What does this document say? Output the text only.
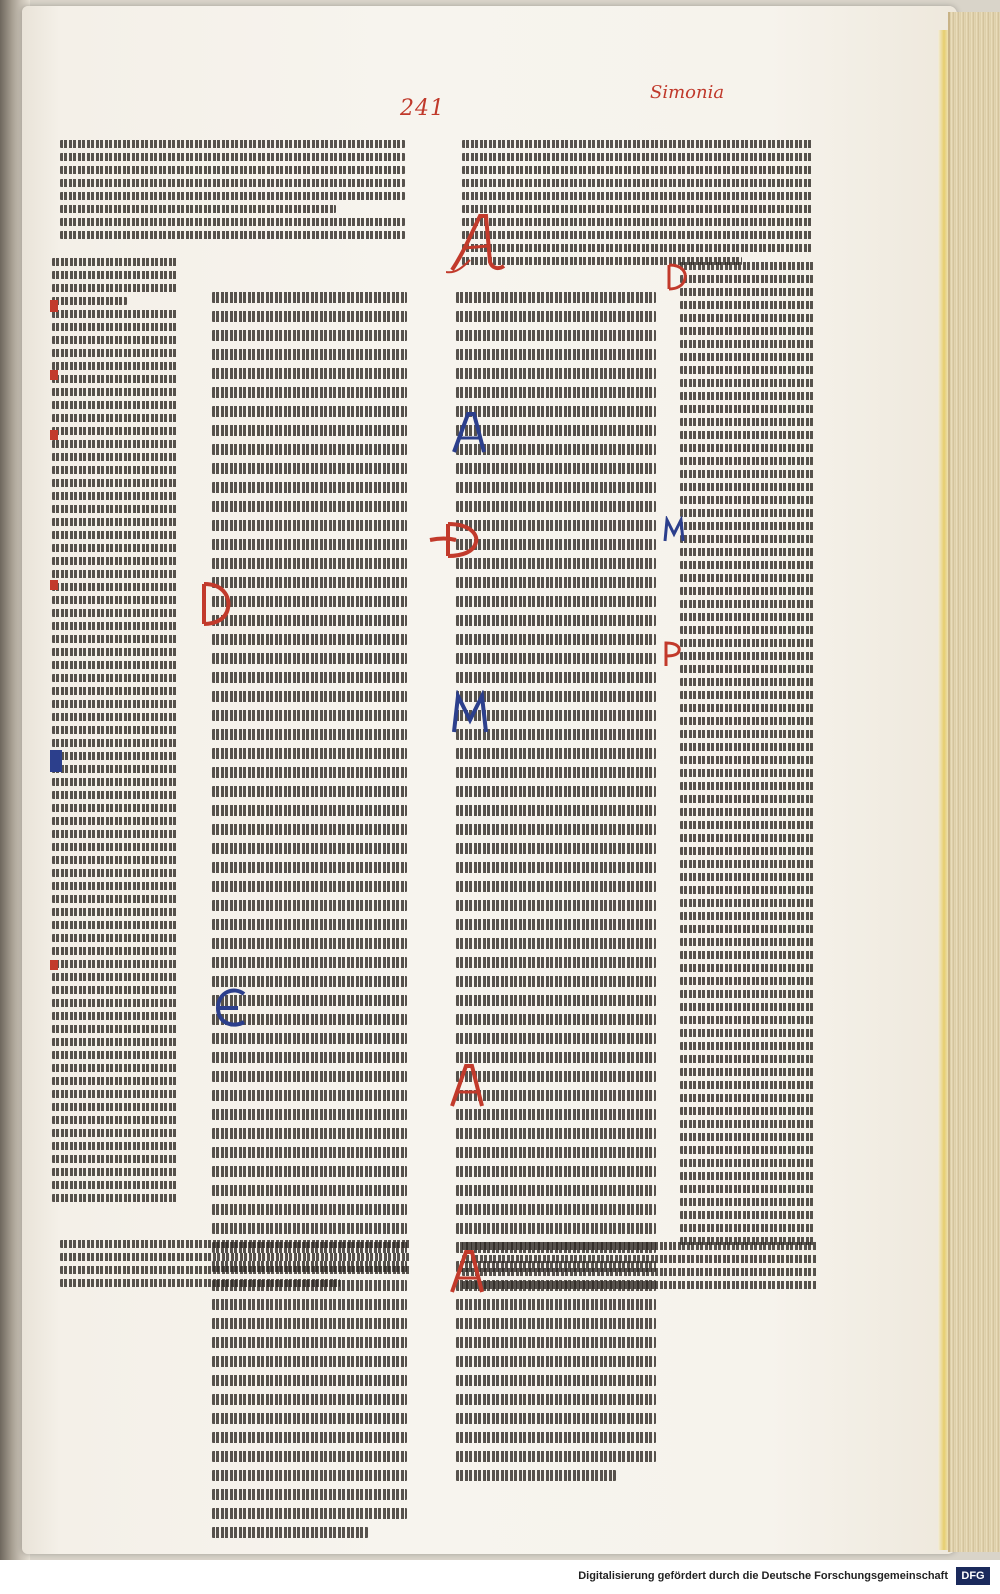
241
Simonia
Digitalisierung gefördert durch die Deutsche Forschungsgemeinschaft	DFG
